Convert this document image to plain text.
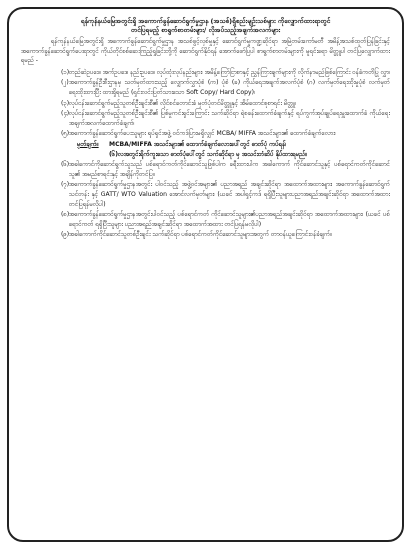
ရန်ကုန်နယ်မြေအတွင်းရှိ အကောက်ခွန်ဆောင်ရွက်မှုဌာန (အသစ်)ရှိစည်းမျဉ်းသစ်များ ကိုလျှောက်ထားရာတွင်
တင်ပြရမည့် စာရွက်စာတမ်းများ/ လိုအပ်သည့်အချက်အလက်များ
ရန်ကုန်နယ်မြေအတွင်းရှိ အကောက်ခွန်ဆောင်ရွက်မှုဌာန အသစ်ဖွင့်လှစ်မှုနှင့် ဆောင်ရွက်မှုကဏ္ဍဆိုင်ရာ အမြဲတမ်းကော်မတီ အမိန့်အသစ်ထုတ်ပြန်ခြင်းနှင့် အကောက်ခွန်ဆောင်ရွက်ပေးရာတွင် ကိုယ်တိုင်စစ်ဆေးကြည့်ရှုခြင်းတို့ကို ဆောင်ရွက်နိုင်ရန် အောက်ဖော်ပြပါ စာရွက်စာတမ်းများကို မူရင်းရော မိတ္တူပါ တင်ပြလျှောက်ထားရမည် -
(၁) တည်ဆဲဥပဒေ၊ အက်ဥပဒေ၊ နည်းဥပဒေ၊ လုပ်ထုံးလုပ်နည်းများ၊ အမိန့်ကြော်ငြာစာနှင့် ညွှန်ကြားချက်များကို လိုက်နာမည်ဖြစ်ကြောင်း ဝန်ခံကတိပြု လွှာ၊
(၂) အကောက်ခွန်ဦးစီးဌာနမှ သတ်မှတ်ထားသည့် လျှောက်လွှာပုံစံ (က) ပုံစံ (ခ) ကိုယ်ရေးအချက်အလက်ပုံစံ (ဂ) လက်မှတ်ရေးထိုးမှုပုံစံ လက်မှတ်ရေးထိုးထားပြီး ထားရှိရမည် (ရှင်းလင်းပြတ်သားသော Soft Copy/ Hard Copy)၊
(၃) လုပ်ငန်းဆောင်ရွက်မည့်သူတစ်ဦးချင်းစီ၏ လိုင်စင်တောင်းခံ မှတ်ပုံတင်မိတ္တူနှင့် အိမ်ထောင်စုစာရင်း မိတ္တူ၊
(၄) လုပ်ငန်းဆောင်ရွက်မည့်သူတစ်ဦးချင်းစီ၏ ပြစ်မှုကင်းရှင်းကြောင်း သက်ဆိုင်ရာ ရဲစခန်းထောက်ခံချက်နှင့် ရပ်ကွက်အုပ်ချုပ်ရေးမှူးထောက်ခံ ကိုယ်ရေးအချက်အလက်ထောက်ခံချက်၊
(၅) အကောက်ခွန်ဆောင်ရွက်ပေးသူများ ရုပ်ရှင်အဖွဲ့ ဝင်ကဒ်ပြားမရှိလျှင် MCBA/ MIFFA အသင်းများ၏ ထောက်ခံချက်လေား၊
မှတ်ချက်။	MCBA/MIFFA အသင်းများ၏ ထောက်ခံချက်လေားပေါ်တွင် ဓာတ်ပုံ ကပ်ရန်၊
(၆)လအတွင်းရိုက်ကူးသော ဓာတ်ပုံပေါ်တွင် သက်ဆိုင်ရာ မှ အသင်းတံဆိပ် နိုပ်ထားရမည်။
(၆) အခါကောင်ကိုဆောင်ရွက်သူသည် ပစ်ရောင်ကတ်ကိုင်ဆောင်သူဖြစ်ပါက ခရီးထားပါက အခါကောက် ကိုင်ဆောင်သူနှင့် ပစ်ရောင်ကတ်ကိုင်ဆောင်သူ၏ အမည်စာရင်းနှင့် အချိန်ကိုတင်ပြ။
(၇) အကောက်ခွန်ဆောင်ရွက်မှုဌာနအတွင်း ပါဝင်သည့် အဖွဲ့ဝင်အများ၏ ပညာအရည် အချင်းဆိုင်ရာ အထောက်အထားများ၊ အကောက်ခွန်ဆောင်ရွက်သင်တန်း နှင့် GATT/ WTO Valuation အောင်လက်မှတ်များ၊ (ယခင် အပါရှင့်ကဒ် ရရှိပြီးသူများပညာအရည်အချင်းဆိုင်ရာ အထောက်အထား တင်ပြရန်မလိုပါ)
(၈) အကောက်ခွန်ဆောင်ရွက်မှုဌာနအတွင်းပါဝင်သည့် ပစ်ရောင်ကတ် ကိုင်ဆောင်သူများ၏ပညာအရည်အချင်းဆိုင်ရာ အထောက်အထားများ၊ (ယခင် ပစ်ရောင်ကတ် ရရှိပြီးသူများ ပညာအရည်အချင်းဆိုင်ရာ အထောက်အထား တင်ပြရန်မလိုပါ)
(၉) အခါကောက်ကိုင်ဆောင်သူတစ်ဦးချင်း သက်ဆိုင်ရာ ပစ်ရောင်ကတ်ကိုင်ဆောင်သူများအတွက် တာဝန်ယူကြောင်းဝန်ခံချက်။
